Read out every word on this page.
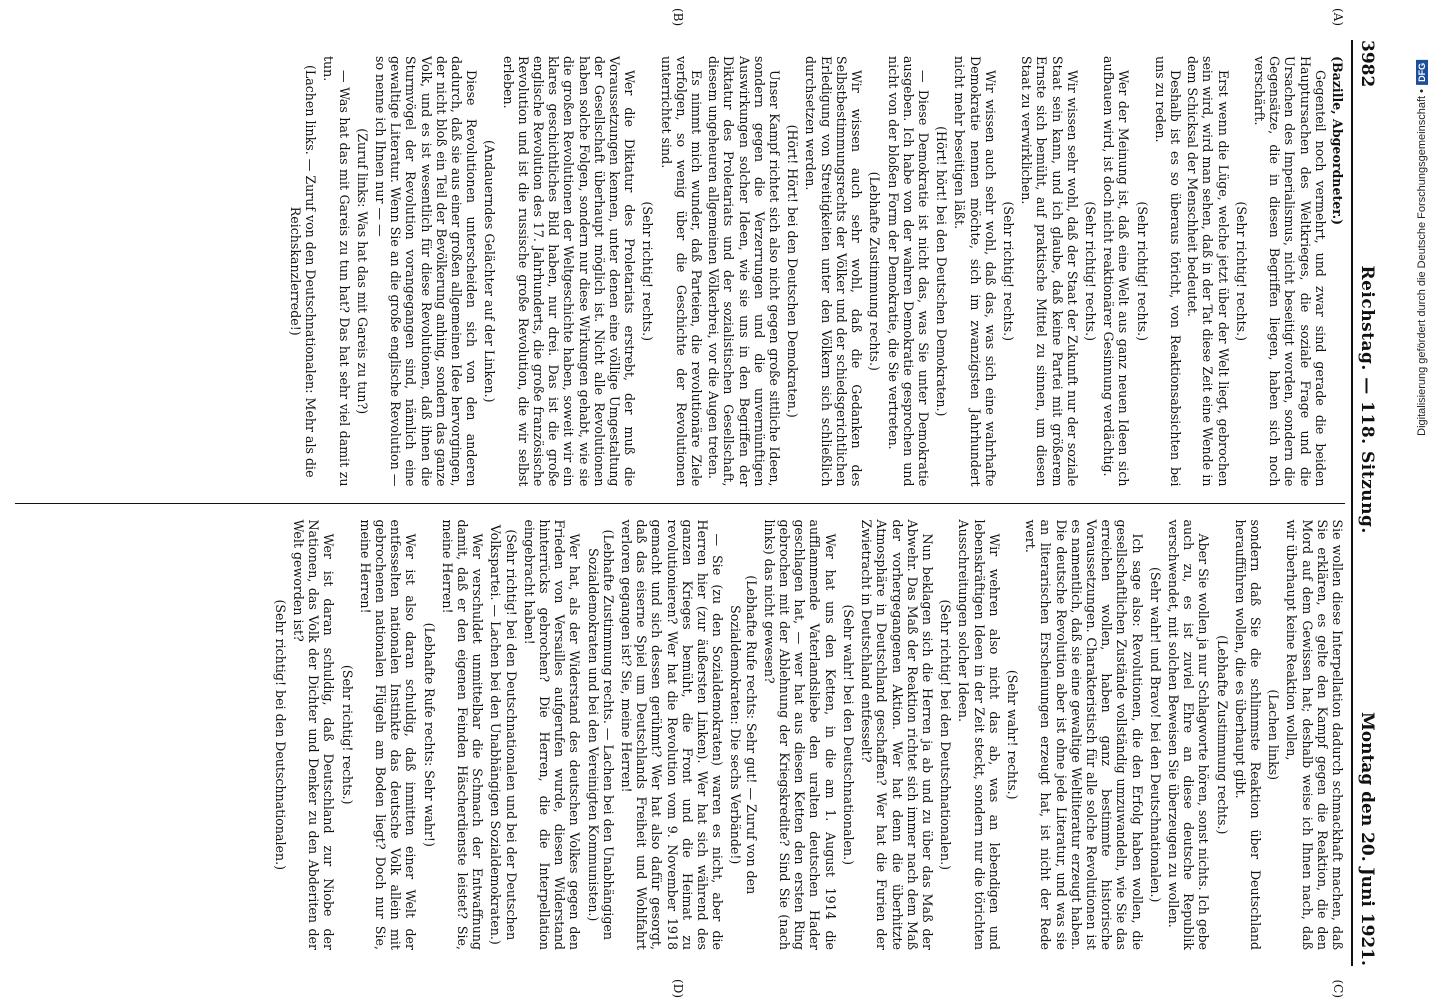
3982
Reichstag. — 118. Sitzung.
Montag den 20. Juni 1921.

(Bazille, Abgeordneter.)

Gegenteil noch vermehrt, und zwar sind gerade die beiden Hauptursachen des Weltkrieges, die soziale Frage und die Ursachen des Imperialismus, nicht beseitigt worden, sondern die Gegensätze, die in diesen Begriffen liegen, haben sich noch verschärft.

(Sehr richtig! rechts.)

Erst wenn die Lüge, welche jetzt über der Welt liegt, gebrochen sein wird, wird man sehen, daß in der Tat diese Zeit eine Wende in dem Schicksal der Menschheit bedeutet.

Deshalb ist es so überaus töricht, von Reaktionsabsichten bei uns zu reden.

(Sehr richtig! rechts.)

Wer der Meinung ist, daß eine Welt aus ganz neuen Ideen sich aufbauen wird, ist doch nicht reaktionärer Gesinnung verdächtig.

(Sehr richtig! rechts.)

Wir wissen sehr wohl, daß der Staat der Zukunft nur der soziale Staat sein kann, und ich glaube, daß keine Partei mit größerem Ernste sich bemüht, auf praktische Mittel zu sinnen, um diesen Staat zu verwirklichen.

(Sehr richtig! rechts.)

Wir wissen auch sehr wohl, daß das, was sich eine wahrhafte Demokratie nennen möchte, sich im zwanzigsten Jahrhundert nicht mehr beseitigen läßt.

(Hört! hört! bei den Deutschen Demokraten.)

— Diese Demokratie ist nicht das, was Sie unter Demokratie ausgeben. Ich habe von der wahren Demokratie gesprochen und nicht von der bloßen Form der Demokratie, die Sie vertreten.

(Lebhafte Zustimmung rechts.)

Wir wissen auch sehr wohl, daß die Gedanken des Selbstbestimmungsrechts der Völker und der schiedsgerichtlichen Erledigung von Streitigkeiten unter den Völkern sich schließlich durchsetzen werden.

(Hört! Hört! bei den Deutschen Demokraten.)

Unser Kampf richtet sich also nicht gegen große sittliche Ideen, sondern gegen die Verzerrungen und die unvernünftigen Auswirkungen solcher Ideen, wie sie uns in den Begriffen der Diktatur des Proletariats und der sozialistischen Gesellschaft, diesem ungeheuren allgemeinen Völkerbrei, vor die Augen treten.

Es nimmt mich wunder, daß Parteien, die revolutionäre Ziele verfolgen, so wenig über die Geschichte der Revolutionen unterrichtet sind.

(Sehr richtig! rechts.)

Wer die Diktatur des Proletariats erstrebt, der muß die Voraussetzungen kennen, unter denen eine völlige Umgestaltung der Gesellschaft überhaupt möglich ist. Nicht alle Revolutionen haben solche Folgen, sondern nur diese Wirkungen gehabt, wie sie die großen Revolutionen der Weltgeschichte haben, soweit wir ein klares geschichtliches Bild haben, nur drei. Das ist die große englische Revolution des 17. Jahrhunderts, die große französische Revolution und ist die russische große Revolution, die wir selbst erleben.

(Andauerndes Gelächter auf der Linken.)

Diese Revolutionen unterscheiden sich von den anderen dadurch, daß sie aus einer großen allgemeinen Idee hervorgingen, der nicht bloß ein Teil der Bevölkerung anhing, sondern das ganze Volk, und es ist wesentlich für diese Revolutionen, daß ihnen die Sturmvögel der Revolution vorangegangen sind, nämlich eine gewaltige Literatur. Wenn Sie an die große englische Revolution — so nenne ich Ihnen nur — —

(Zuruf links: Was hat das mit Gareis zu tun?)

— Was hat das mit Gareis zu tun hat? Das hat sehr viel damit zu tun.

(Lachen links. — Zuruf von den Deutschnationalen: Mehr als die Reichskanzlerrede!)

Sie wollen diese Interpellation dadurch schmackhaft machen, daß Sie erklären, es gelte den Kampf gegen die Reaktion, die den Mord auf dem Gewissen hat; deshalb weise ich Ihnen nach, daß wir überhaupt keine Reaktion wollen,

(Lachen links)

sondern daß Sie die schlimmste Reaktion über Deutschland heraufführen wollen, die es überhaupt gibt.

(Lebhafte Zustimmung rechts.)

Aber Sie wollen ja nur Schlagworte hören, sonst nichts. Ich gebe auch zu, es ist zuviel Ehre an diese deutsche Republik verschwendet, mit solchen Beweisen Sie überzeugen zu wollen.

(Sehr wahr! und Bravo! bei den Deutschnationalen.)

Ich sage also: Revolutionen, die den Erfolg haben wollen, die gesellschaftlichen Zustände vollständig umzuwandeln, wie Sie das erreichen wollen, haben ganz bestimmte historische Voraussetzungen. Charakteristisch für alle solche Revolutionen ist es namentlich, daß sie eine gewaltige Weltliteratur erzeugt haben. Die deutsche Revolution aber ist ohne jede Literatur, und was sie an literarischen Erscheinungen erzeugt hat, ist nicht der Rede wert.

(Sehr wahr! rechts.)

Wir wehren also nicht das ab, was an lebendigen und lebenskräftigen Ideen in der Zeit steckt, sondern nur die törichten Ausschreitungen solcher Ideen.

(Sehr richtig! bei den Deutschnationalen.)

Nun beklagen sich die Herren ja ab und zu über das Maß der Abwehr. Das Maß der Reaktion richtet sich immer nach dem Maß der vorhergegangenen Aktion. Wer hat denn die überhitzte Atmosphäre in Deutschland geschaffen? Wer hat die Furien der Zwietracht in Deutschland entfesselt?

(Sehr wahr! bei den Deutschnationalen.)

Wer hat uns den Ketten, in die am 1. August 1914 die aufflammende Vaterlandsliebe den uralten deutschen Hader geschlagen hat, — wer hat aus diesen Ketten den ersten Ring gebrochen mit der Ablehnung der Kriegskredite? Sind Sie (nach links) das nicht gewesen?

(Lebhafte Rufe rechts: Sehr gut! — Zuruf von den Sozialdemokraten: Die sechs Verbände!)

— Sie (zu den Sozialdemokraten) waren es nicht, aber die Herren hier (zur äußersten Linken). Wer hat sich während des ganzen Krieges bemüht, die Front und die Heimat zu revolutionieren? Wer hat die Revolution vom 9. November 1918 gemacht und sich dessen gerühmt? Wer hat also dafür gesorgt, daß das eiserne Spiel um Deutschlands Freiheit und Wohlfahrt verloren gegangen ist? Sie, meine Herren!

(Lebhafte Zustimmung rechts. — Lachen bei den Unabhängigen Sozialdemokraten und bei den Vereinigten Kommunisten.)

Wer hat, als der Widerstand des deutschen Volkes gegen den Frieden von Versailles aufgerufen wurde, diesen Widerstand hinterrücks gebrochen? Die Herren, die die Interpellation eingebracht haben!

(Sehr richtig! bei den Deutschnationalen und bei der Deutschen Volkspartei. — Lachen bei den Unabhängigen Sozialdemokraten.)

Wer verschuldet unmittelbar die Schmach der Entwaffnung damit, daß er den eigenen Feinden Häscherdienste leistet? Sie, meine Herren!

(Lebhafte Rufe rechts: Sehr wahr!)

Wer ist also daran schuldig, daß inmitten einer Welt der entfesselten nationalen Instinkte das deutsche Volk allein mit gebrochenen nationalen Flügeln am Boden liegt? Doch nur Sie, meine Herren!

(Sehr richtig! rechts.)

Wer ist daran schuldig, daß Deutschland zur Niobe der Nationen, das Volk der Dichter und Denker zu den Abderiten der Welt geworden ist?

(Sehr richtig! bei den Deutschnationalen.)

(A)
(B)
(C)
(D)
Digitalisierung gefördert durch die Deutsche Forschungsgemeinschaft •
DFG
